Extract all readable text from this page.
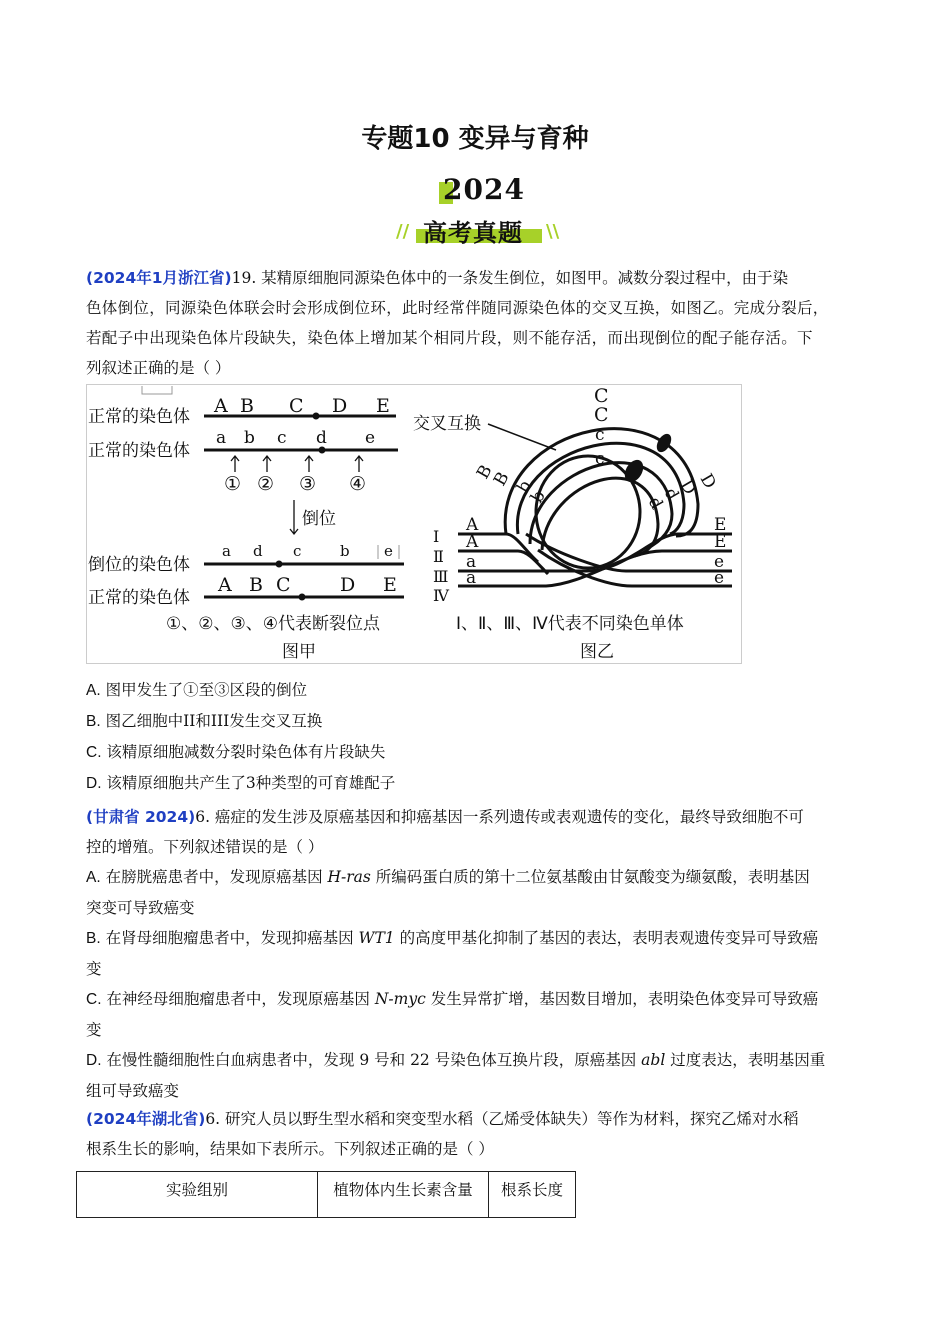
专题10 变异与育种
2024
// 高考真题 \\
(2024年1月浙江省)19. 某精原细胞同源染色体中的一条发生倒位，如图甲。减数分裂过程中，由于染
色体倒位，同源染色体联会时会形成倒位环，此时经常伴随同源染色体的交叉互换，如图乙。完成分裂后，
若配子中出现染色体片段缺失，染色体上增加某个相同片段，则不能存活，而出现倒位的配子能存活。下
列叙述正确的是（ ）
正常的染色体 A B C D E
正常的染色体
a b c d e
① ② ③ ④
倒位
倒位的染色体
a d c	b e
正常的染色体
A B C	D E
①、②、③、④代表断裂位点
图甲
交叉互换
C
C
c
c
B
B b
b
D
D
d
d
Ⅰ
Ⅱ
Ⅲ
Ⅳ
A
A
a
a
E
E
e
e
Ⅰ、Ⅱ、Ⅲ、Ⅳ代表不同染色单体
图乙
A. 图甲发生了①至③区段的倒位
B. 图乙细胞中II和III发生交叉互换
C. 该精原细胞减数分裂时染色体有片段缺失
D. 该精原细胞共产生了3种类型的可育雄配子
(甘肃省 2024)6. 癌症的发生涉及原癌基因和抑癌基因一系列遗传或表观遗传的变化，最终导致细胞不可
控的增殖。下列叙述错误的是（ ）
A. 在膀胱癌患者中，发现原癌基因 H-ras 所编码蛋白质的第十二位氨基酸由甘氨酸变为缬氨酸，表明基因
突变可导致癌变
B. 在肾母细胞瘤患者中，发现抑癌基因 WT1 的高度甲基化抑制了基因的表达，表明表观遗传变异可导致癌
变
C. 在神经母细胞瘤患者中，发现原癌基因 N-myc 发生异常扩增，基因数目增加，表明染色体变异可导致癌
变
D. 在慢性髓细胞性白血病患者中，发现 9 号和 22 号染色体互换片段，原癌基因 abl 过度表达，表明基因重
组可导致癌变
(2024年湖北省)6. 研究人员以野生型水稻和突变型水稻（乙烯受体缺失）等作为材料，探究乙烯对水稻
根系生长的影响，结果如下表所示。下列叙述正确的是（ ）
实验组别	植物体内生长素含量	根系长度
